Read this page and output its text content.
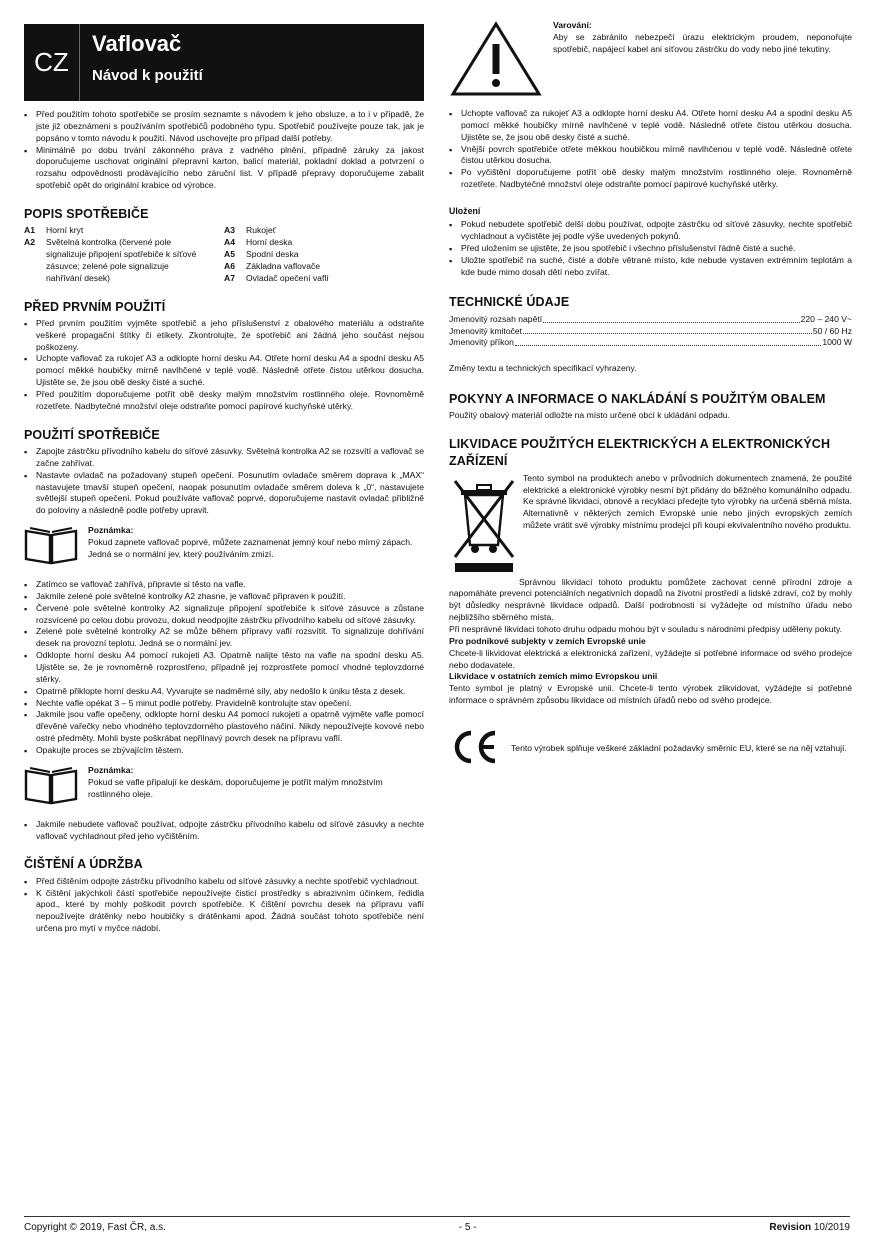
CZ
Vaflovač
Návod k použití
▪ Před použitím tohoto spotřebiče se prosím seznamte s návodem k jeho obsluze, a to i v případě, že jste již obeznámeni s používáním spotřebičů podobného typu. Spotřebič používejte pouze tak, jak je popsáno v tomto návodu k použití. Návod uschovejte pro případ další potřeby.
▪ Minimálně po dobu trvání zákonného práva z vadného plnění, případně záruky za jakost doporučujeme uschovat originální přepravní karton, balicí materiál, pokladní doklad a potvrzení o rozsahu odpovědnosti prodávajícího nebo záruční list. V případě přepravy doporučujeme zabalit spotřebič opět do originální krabice od výrobce.
POPIS SPOTŘEBIČE
A1	Horní kryt
A2	Světelná kontrolka (červené pole signalizuje připojení spotřebiče k síťové zásuvce; zelené pole signalizuje nahřívání desek)
A3	Rukojeť
A4	Horní deska
A5	Spodní deska
A6	Základna vaflovače
A7	Ovladač opečení vaflí
PŘED PRVNÍM POUŽITÍ
▪ Před prvním použitím vyjměte spotřebič a jeho příslušenství z obalového materiálu a odstraňte veškeré propagační štítky či etikety. Zkontrolujte, že spotřebič ani žádná jeho součást nejsou poškozeny.
▪ Uchopte vaflovač za rukojeť A3 a odklopte horní desku A4. Otřete horní desku A4 a spodní desku A5 pomocí měkké houbičky mírně navlhčené v teplé vodě. Následně otřete čistou utěrkou dosucha. Ujistěte se, že jsou obě desky čisté a suché.
▪ Před použitím doporučujeme potřít obě desky malým množstvím rostlinného oleje. Rovnoměrně rozetřete. Nadbytečné množství oleje odstraňte pomocí papírové kuchyňské utěrky.
POUŽITÍ SPOTŘEBIČE
▪ Zapojte zástrčku přívodního kabelu do síťové zásuvky. Světelná kontrolka A2 se rozsvítí a vaflovač se začne zahřívat.
▪ Nastavte ovladač na požadovaný stupeň opečení. Posunutím ovladače směrem doprava k „MAX“ nastavujete tmavší stupeň opečení, naopak posunutím ovladače směrem doleva k „0“, nastavujete světlejší stupeň opečení. Pokud používáte vaflovač poprvé, doporučujeme nastavit ovladač přibližně do poloviny a následně podle potřeby upravit.
Poznámka:
Pokud zapnete vaflovač poprvé, můžete zaznamenat jemný kouř nebo mírný zápach. Jedná se o normální jev, který používáním zmizí.
▪ Zatímco se vaflovač zahřívá, připravte si těsto na vafle.
▪ Jakmile zelené pole světelné kontrolky A2 zhasne, je vaflovač připraven k použití.
▪ Červené pole světelné kontrolky A2 signalizuje připojení spotřebiče k síťové zásuvce a zůstane rozsvícené po celou dobu provozu, dokud neodpojíte zástrčku přívodního kabelu od síťové zásuvky.
▪ Zelené pole světelné kontrolky A2 se může během přípravy vaflí rozsvítit. To signalizuje dohřívání desek na provozní teplotu. Jedná se o normální jev.
▪ Odklopte horní desku A4 pomocí rukojeti A3. Opatrně nalijte těsto na vafle na spodní desku A5. Ujistěte se, že je rovnoměrně rozprostřeno, případně jej rozprostřete pomocí vhodné teplovzdorné stěrky.
▪ Opatrně přiklopte horní desku A4. Vyvarujte se nadměrné síly, aby nedošlo k úniku těsta z desek.
▪ Nechte vafle opékat 3 – 5 minut podle potřeby. Pravidelně kontrolujte stav opečení.
▪ Jakmile jsou vafle opečeny, odklopte horní desku A4 pomocí rukojeti a opatrně vyjměte vafle pomocí dřevěné vařečky nebo vhodného teplovzdorného plastového náčiní. Nikdy nepoužívejte kovové nebo ostré předměty. Mohli byste poškrábat nepřilnavý povrch desek na přípravu vaflí.
▪ Opakujte proces se zbývajícím těstem.
Poznámka:
Pokud se vafle připalují ke deskám, doporučujeme je potřít malým množstvím rostlinného oleje.
▪ Jakmile nebudete vaflovač používat, odpojte zástrčku přívodního kabelu od síťové zásuvky a nechte vaflovač vychladnout před jeho vyčištěním.
ČIŠTĚNÍ A ÚDRŽBA
▪ Před čištěním odpojte zástrčku přívodního kabelu od síťové zásuvky a nechte spotřebič vychladnout.
▪ K čištění jakýchkoli částí spotřebiče nepoužívejte čisticí prostředky s abrazivním účinkem, ředidla apod., které by mohly poškodit povrch spotřebiče. K čištění povrchu desek na přípravu vaflí nepoužívejte drátěnky nebo houbičky s drátěnkami apod. Žádná součást tohoto spotřebiče není určena pro mytí v myčce nádobí.
Varování:

Aby se zabránilo nebezpečí úrazu elektrickým proudem, neponořujte spotřebič, napájecí kabel ani síťovou zástrčku do vody nebo jiné tekutiny.

▪ Uchopte vaflovač za rukojeť A3 a odklopte horní desku A4. Otřete horní desku A4 a spodní desku A5 pomocí měkké houbičky mírně navlhčené v teplé vodě. Následně otřete čistou utěrkou dosucha. Ujistěte se, že jsou obě desky čisté a suché.
▪ Vnější povrch spotřebiče otřete měkkou houbičkou mírně navlhčenou v teplé vodě. Následně otřete čistou utěrkou dosucha.
▪ Po vyčištění doporučujeme potřít obě desky malým množstvím rostlinného oleje. Rovnoměrně rozetřete. Nadbytečné množství oleje odstraňte pomocí papírové kuchyňské utěrky.
Uložení
▪ Pokud nebudete spotřebič delší dobu používat, odpojte zástrčku od síťové zásuvky, nechte spotřebič vychladnout a vyčistěte jej podle výše uvedených pokynů.
▪ Před uložením se ujistěte, že jsou spotřebič i všechno příslušenství řádně čisté a suché.
▪ Uložte spotřebič na suché, čisté a dobře větrané místo, kde nebude vystaven extrémním teplotám a kde bude mimo dosah dětí nebo zvířat.
TECHNICKÉ ÚDAJE
Jmenovitý rozsah napětí	220 – 240 V~
Jmenovitý kmitočet	50 / 60 Hz
Jmenovitý příkon	1000 W

Změny textu a technických specifikací vyhrazeny.

POKYNY A INFORMACE O NAKLÁDÁNÍ S POUŽITÝM OBALEM

Použitý obalový materiál odložte na místo určené obcí k ukládání odpadu.

LIKVIDACE POUŽITÝCH ELEKTRICKÝCH A ELEKTRONICKÝCH ZAŘÍZENÍ

Tento symbol na produktech anebo v průvodních dokumentech znamená, že použité elektrické a elektronické výrobky nesmí být přidány do běžného komunálního odpadu. Ke správné likvidaci, obnově a recyklaci předejte tyto výrobky na určená sběrná místa. Alternativně v některých zemích Evropské unie nebo jiných evropských zemích můžete vrátit své výrobky místnímu prodejci při koupi ekvivalentního nového produktu.

Správnou likvidací tohoto produktu pomůžete zachovat cenné přírodní zdroje a napomáháte prevenci potenciálních negativních dopadů na životní prostředí a lidské zdraví, což by mohly být důsledky nesprávné likvidace odpadů. Další podrobnosti si vyžádejte od místního úřadu nebo nejbližšího sběrného místa.

Při nesprávné likvidaci tohoto druhu odpadu mohou být v souladu s národními předpisy uděleny pokuty.

Pro podnikové subjekty v zemích Evropské unie

Chcete-li likvidovat elektrická a elektronická zařízení, vyžádejte si potřebné informace od svého prodejce nebo dodavatele.

Likvidace v ostatních zemích mimo Evropskou unii

Tento symbol je platný v Evropské unii. Chcete-li tento výrobek zlikvidovat, vyžádejte si potřebné informace o správném způsobu likvidace od místních úřadů nebo od svého prodejce.

Tento výrobek splňuje veškeré základní požadavky směrnic EU, které se na něj vztahují.

Copyright © 2019, Fast ČR, a.s.	- 5 -	Revision 10/2019
